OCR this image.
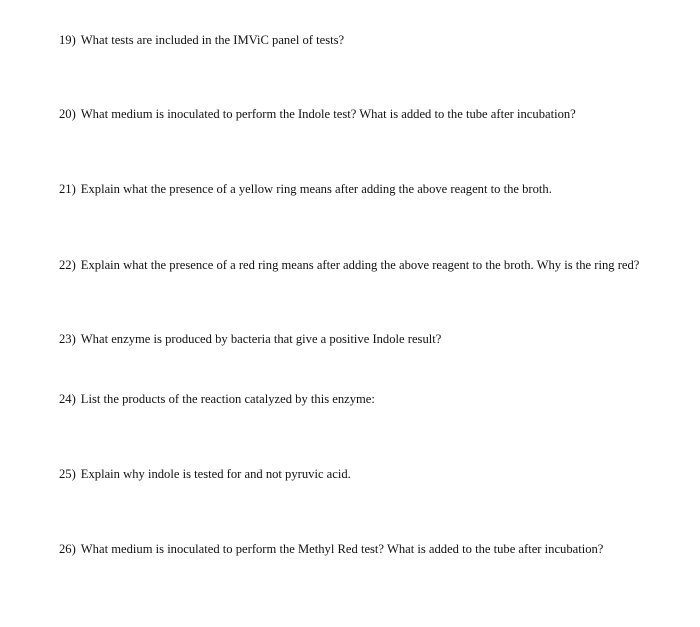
19) What tests are included in the IMViC panel of tests?
20) What medium is inoculated to perform the Indole test? What is added to the tube after incubation?
21) Explain what the presence of a yellow ring means after adding the above reagent to the broth.
22) Explain what the presence of a red ring means after adding the above reagent to the broth. Why is the ring red?
23) What enzyme is produced by bacteria that give a positive Indole result?
24) List the products of the reaction catalyzed by this enzyme:
25) Explain why indole is tested for and not pyruvic acid.
26) What medium is inoculated to perform the Methyl Red test? What is added to the tube after incubation?
